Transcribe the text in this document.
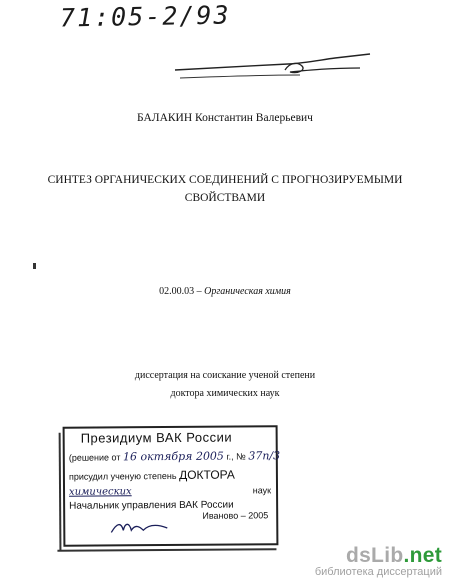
71:05-2/93
БАЛАКИН Константин Валерьевич
СИНТЕЗ ОРГАНИЧЕСКИХ СОЕДИНЕНИЙ С ПРОГНОЗИРУЕМЫМИ
СВОЙСТВАМИ
02.00.03 – Органическая химия
диссертация на соискание ученой степени
доктора химических наук
Президиум ВАК России
(решение от 16 октября 2005 г., № 37п/3
присудил ученую степень ДОКТОРА
химических	наук
Начальник управления ВАК России
Иваново – 2005
dsLib.net
библиотека диссертаций
